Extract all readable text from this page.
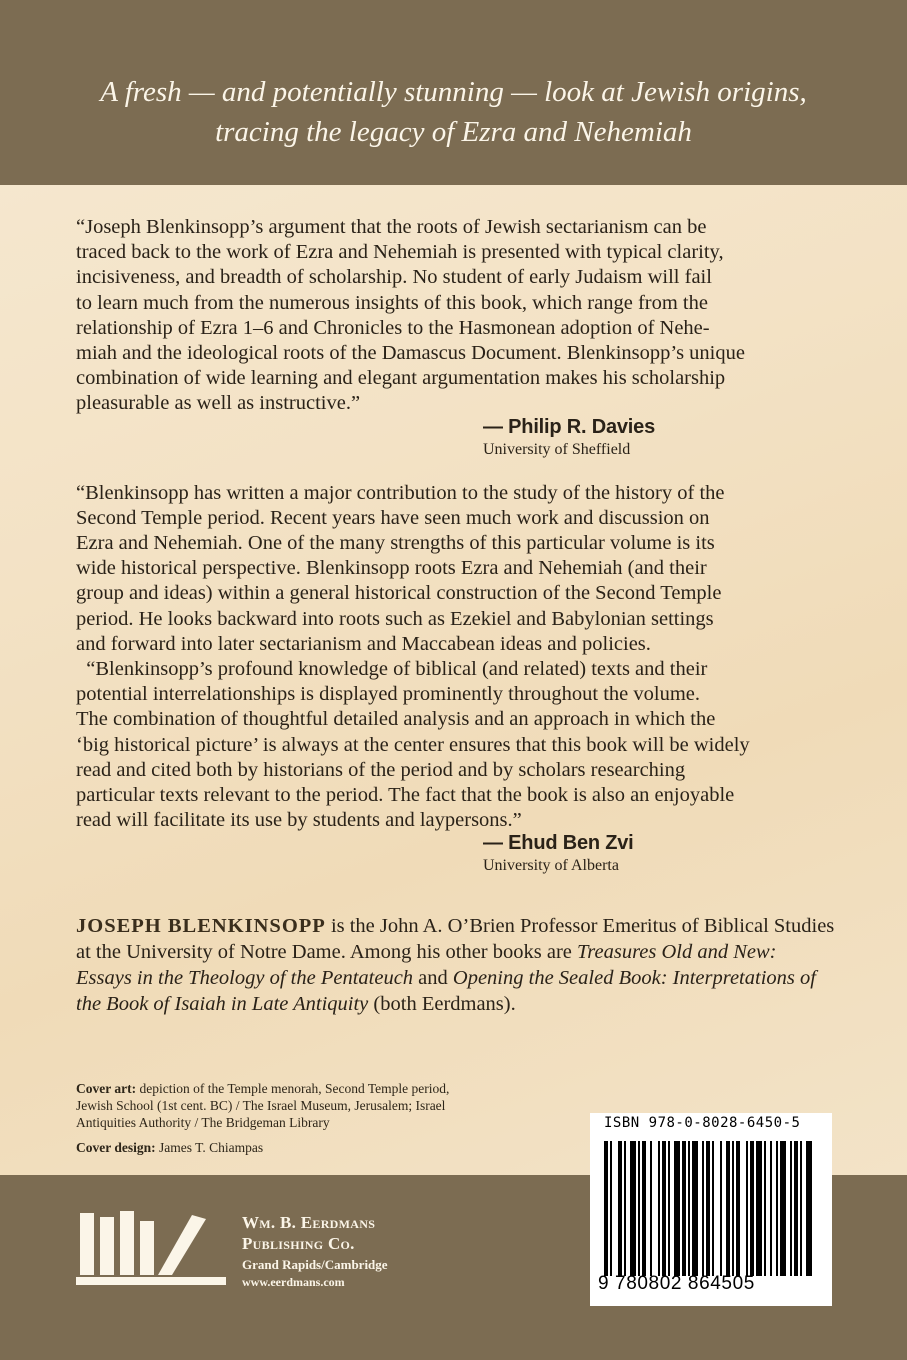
A fresh — and potentially stunning — look at Jewish origins,
tracing the legacy of Ezra and Nehemiah

“Joseph Blenkinsopp’s argument that the roots of Jewish sectarianism can be
traced back to the work of Ezra and Nehemiah is presented with typical clarity,
incisiveness, and breadth of scholarship. No student of early Judaism will fail
to learn much from the numerous insights of this book, which range from the
relationship of Ezra 1–6 and Chronicles to the Hasmonean adoption of Nehe-
miah and the ideological roots of the Damascus Document. Blenkinsopp’s unique
combination of wide learning and elegant argumentation makes his scholarship
pleasurable as well as instructive.”

— Philip R. Davies
University of Sheffield

“Blenkinsopp has written a major contribution to the study of the history of the
Second Temple period. Recent years have seen much work and discussion on
Ezra and Nehemiah. One of the many strengths of this particular volume is its
wide historical perspective. Blenkinsopp roots Ezra and Nehemiah (and their
group and ideas) within a general historical construction of the Second Temple
period. He looks backward into roots such as Ezekiel and Babylonian settings
and forward into later sectarianism and Maccabean ideas and policies.

“Blenkinsopp’s profound knowledge of biblical (and related) texts and their
potential interrelationships is displayed prominently throughout the volume.
The combination of thoughtful detailed analysis and an approach in which the
‘big historical picture’ is always at the center ensures that this book will be widely
read and cited both by historians of the period and by scholars researching
particular texts relevant to the period. The fact that the book is also an enjoyable
read will facilitate its use by students and laypersons.”

— Ehud Ben Zvi
University of Alberta
JOSEPH BLENKINSOPP is the John A. O’Brien Professor Emeritus of Biblical Studies at the University of Notre Dame. Among his other books are Treasures Old and New: Essays in the Theology of the Pentateuch and Opening the Sealed Book: Interpretations of the Book of Isaiah in Late Antiquity (both Eerdmans).

Cover art: depiction of the Temple menorah, Second Temple period, Jewish School (1st cent. BC) / The Israel Museum, Jerusalem; Israel Antiquities Authority / The Bridgeman Library

Cover design: James T. Chiampas

Wm. B. Eerdmans
Publishing Co.
Grand Rapids/Cambridge
www.eerdmans.com
ISBN 978-0-8028-6450-5
9 780802 864505
